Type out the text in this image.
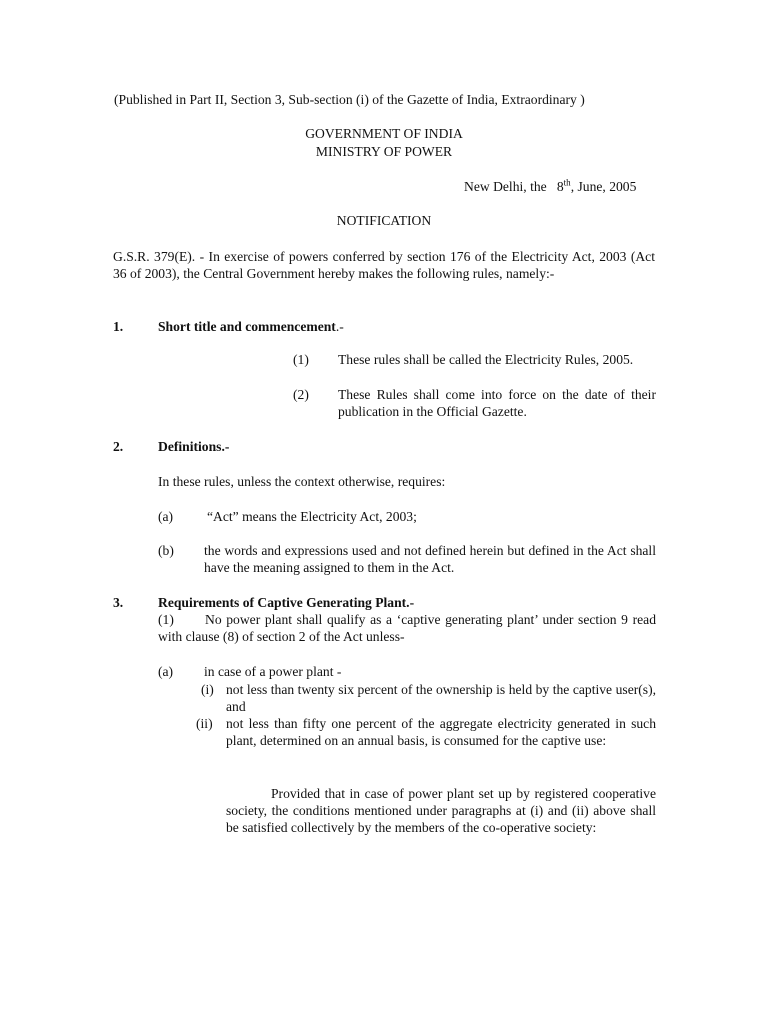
(Published in Part II, Section 3, Sub-section (i) of the Gazette of India, Extraordinary )
GOVERNMENT OF INDIA
MINISTRY OF POWER
New Delhi, the 8th, June, 2005
NOTIFICATION
G.S.R. 379(E). - In exercise of powers conferred by section 176 of the Electricity Act, 2003 (Act 36 of 2003), the Central Government hereby makes the following rules, namely:-
1.	Short title and commencement.-
(1) These rules shall be called the Electricity Rules, 2005.
(2) These Rules shall come into force on the date of their publication in the Official Gazette.
2.	Definitions.-
In these rules, unless the context otherwise, requires:
(a) “Act” means the Electricity Act, 2003;
(b) the words and expressions used and not defined herein but defined in the Act shall have the meaning assigned to them in the Act.
3.	Requirements of Captive Generating Plant.-
(1)	No power plant shall qualify as a ‘captive generating plant’ under section 9 read with clause (8) of section 2 of the Act unless-
(a) in case of a power plant -
(i) not less than twenty six percent of the ownership is held by the captive user(s), and
(ii) not less than fifty one percent of the aggregate electricity generated in such plant, determined on an annual basis, is consumed for the captive use:
Provided that in case of power plant set up by registered cooperative society, the conditions mentioned under paragraphs at (i) and (ii) above shall be satisfied collectively by the members of the co-operative society:
